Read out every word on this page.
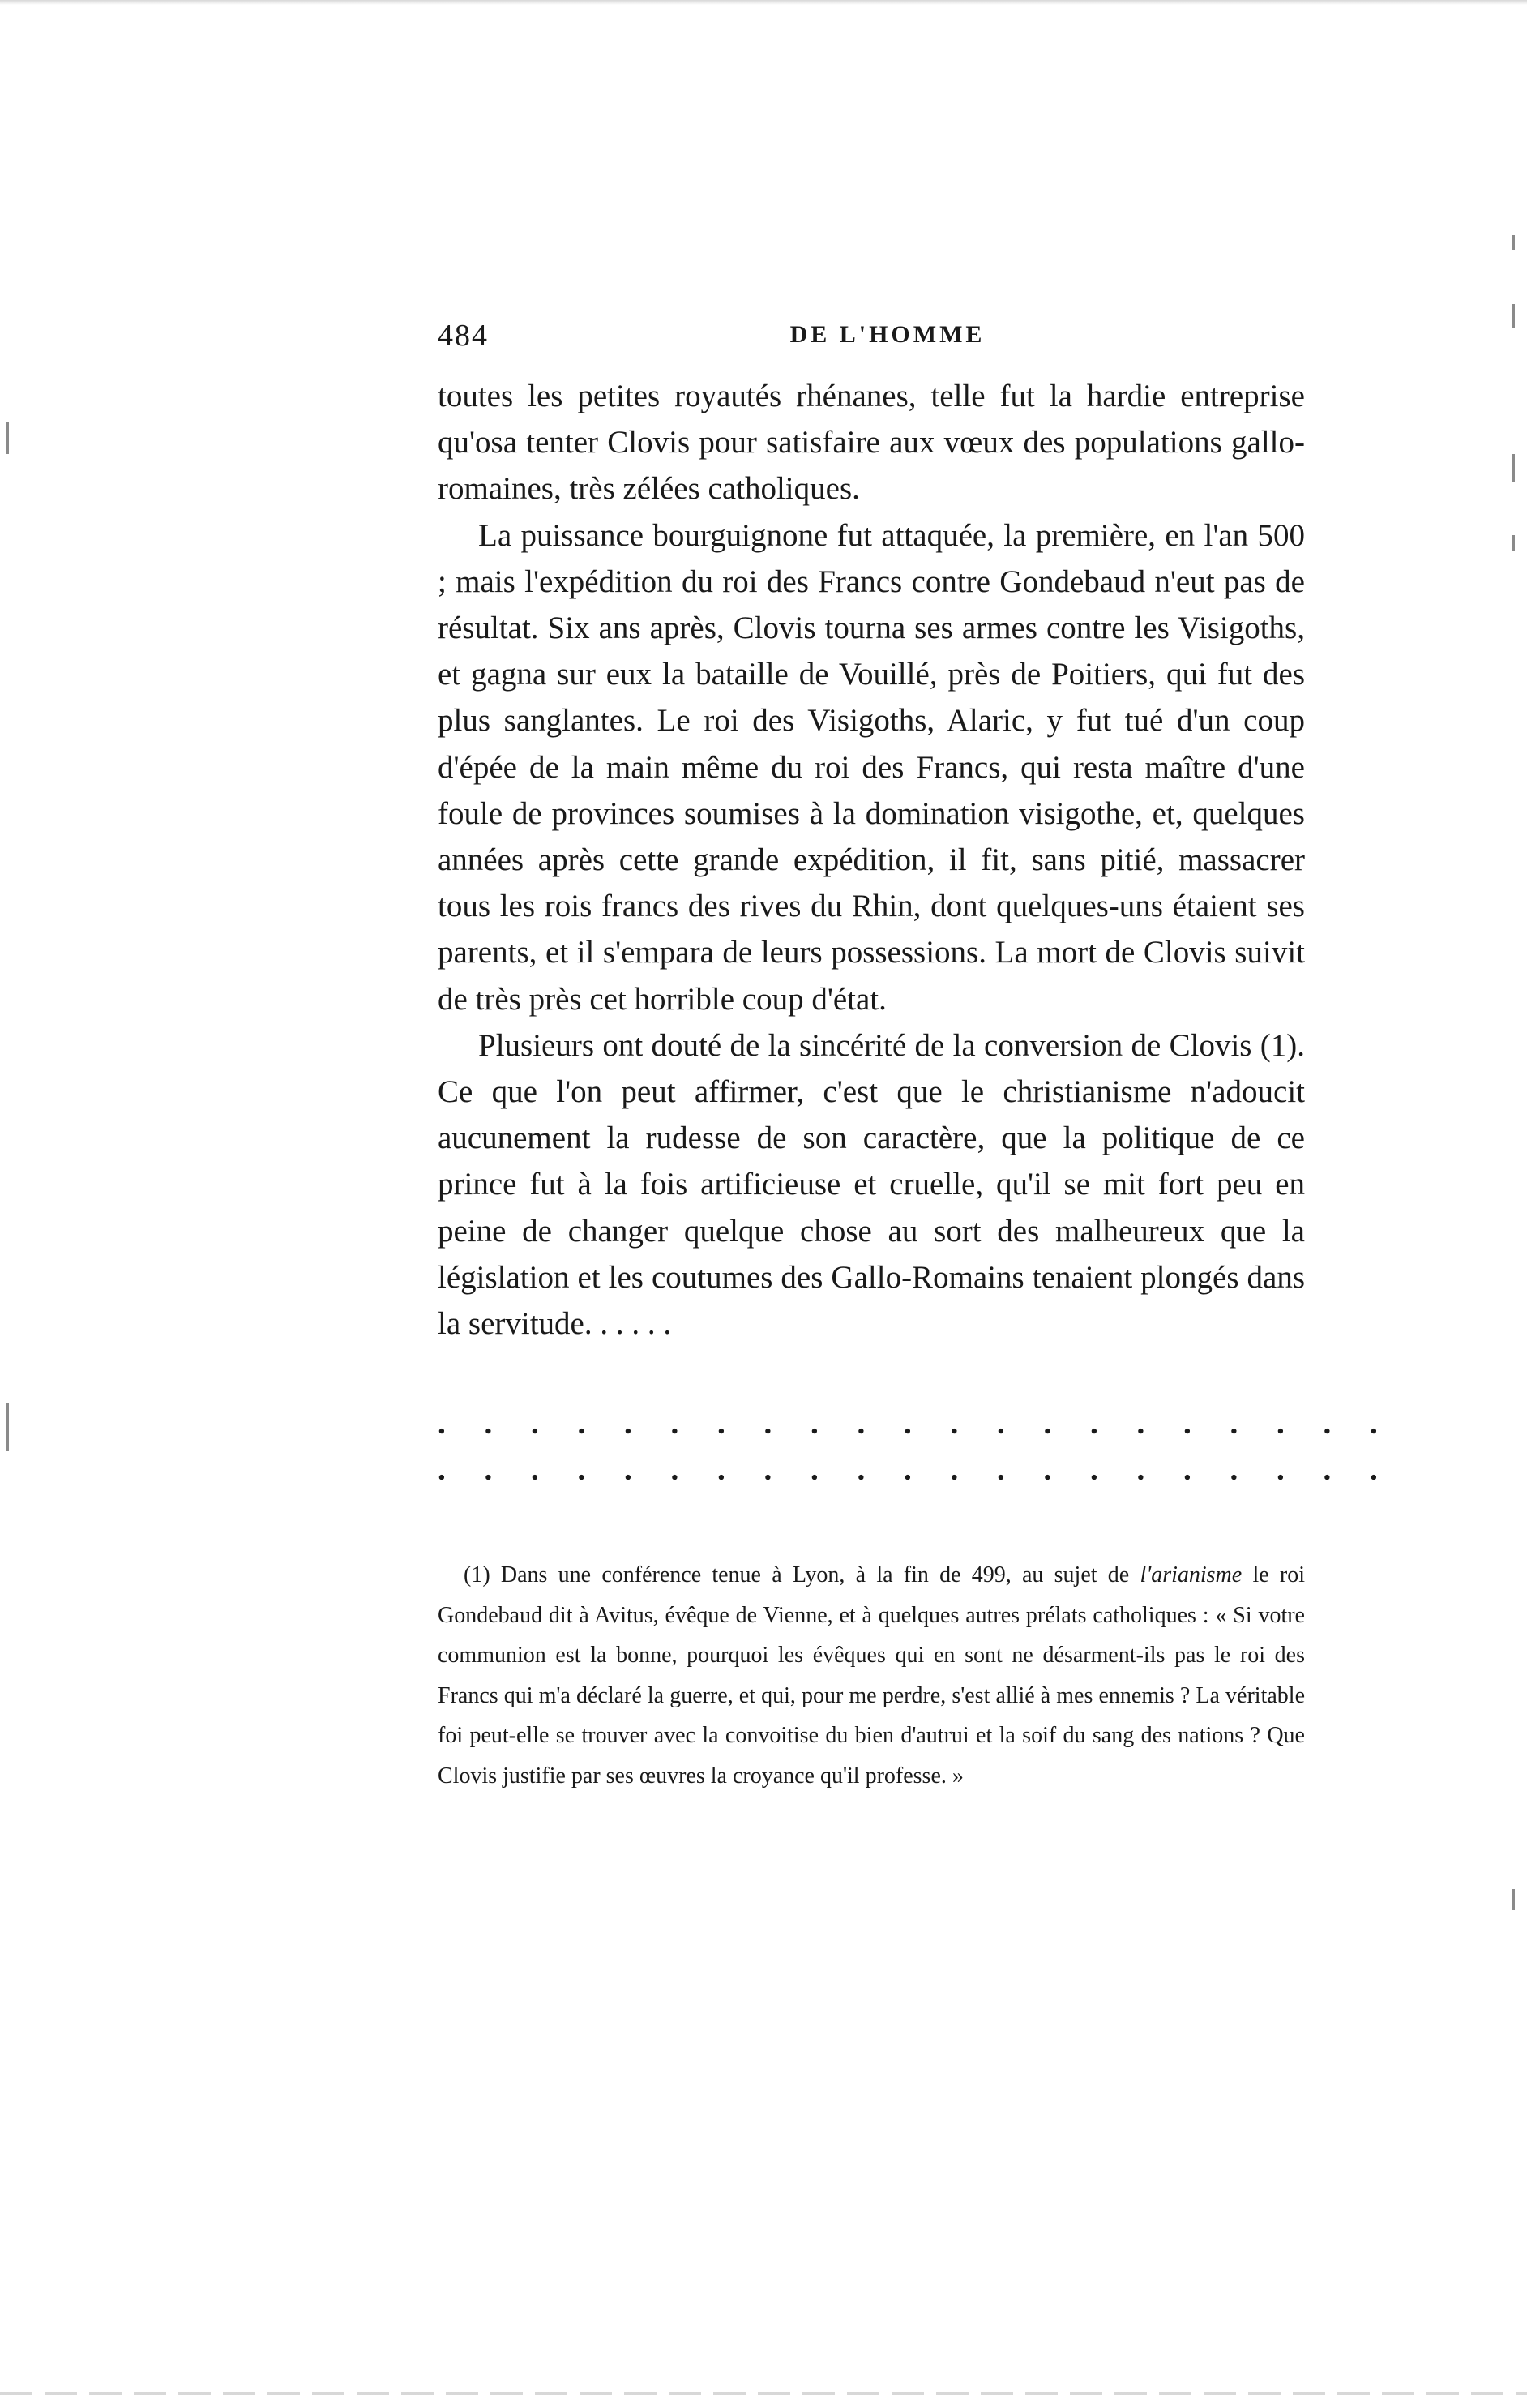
484	DE L'HOMME

toutes les petites royautés rhénanes, telle fut la hardie entreprise qu'osa tenter Clovis pour satisfaire aux vœux des populations gallo-romaines, très zélées catholiques.

La puissance bourguignone fut attaquée, la première, en l'an 500 ; mais l'expédition du roi des Francs contre Gondebaud n'eut pas de résultat. Six ans après, Clovis tourna ses armes contre les Visigoths, et gagna sur eux la bataille de Vouillé, près de Poitiers, qui fut des plus sanglantes. Le roi des Visigoths, Alaric, y fut tué d'un coup d'épée de la main même du roi des Francs, qui resta maître d'une foule de provinces soumises à la domination visigothe, et, quelques années après cette grande expédition, il fit, sans pitié, massacrer tous les rois francs des rives du Rhin, dont quelques-uns étaient ses parents, et il s'empara de leurs possessions. La mort de Clovis suivit de très près cet horrible coup d'état.

Plusieurs ont douté de la sincérité de la conversion de Clovis (1). Ce que l'on peut affirmer, c'est que le christianisme n'adoucit aucunement la rudesse de son caractère, que la politique de ce prince fut à la fois artificieuse et cruelle, qu'il se mit fort peu en peine de changer quelque chose au sort des malheureux que la législation et les coutumes des Gallo-Romains tenaient plongés dans la servitude. . . . . .

. . . . . . . . . . . . . . . . . . . . .
. . . . . . . . . . . . . . . . . . . . .
(1) Dans une conférence tenue à Lyon, à la fin de 499, au sujet de l'arianisme le roi Gondebaud dit à Avitus, évêque de Vienne, et à quelques autres prélats catholiques : « Si votre communion est la bonne, pourquoi les évêques qui en sont ne désarment-ils pas le roi des Francs qui m'a déclaré la guerre, et qui, pour me perdre, s'est allié à mes ennemis ? La véritable foi peut-elle se trouver avec la convoitise du bien d'autrui et la soif du sang des nations ? Que Clovis justifie par ses œuvres la croyance qu'il professe. »
